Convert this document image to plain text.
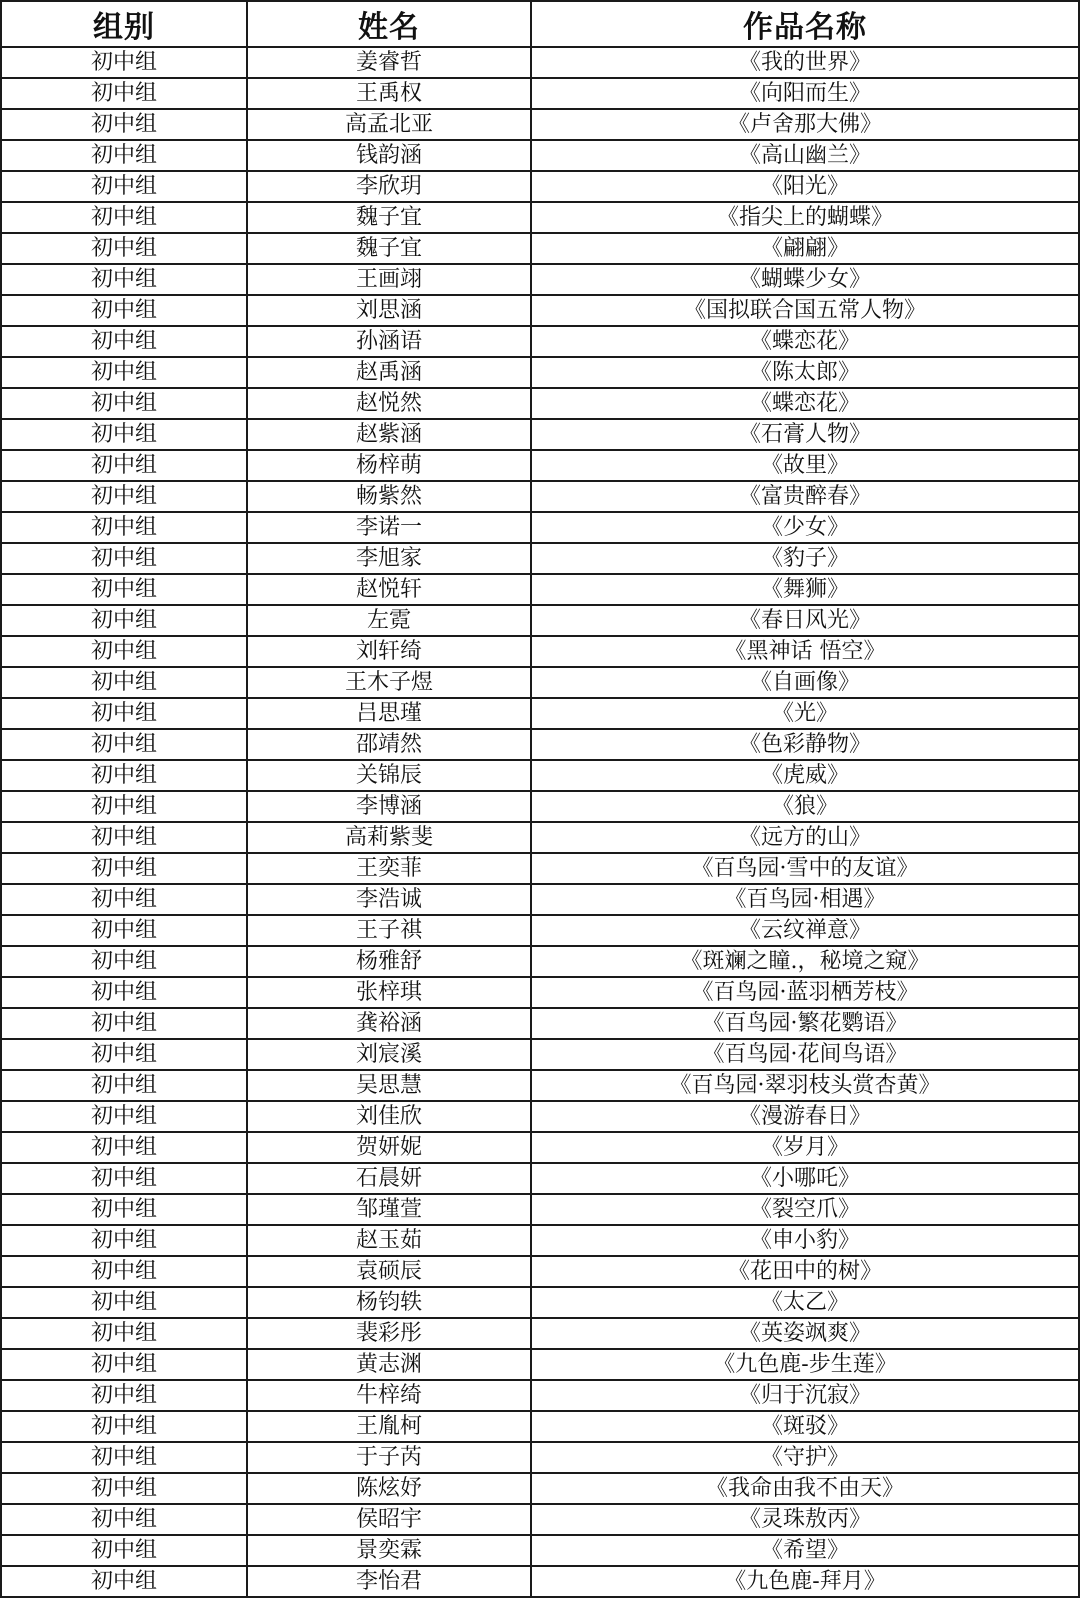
组别	姓名	作品名称
初中组	姜睿哲	《我的世界》
初中组	王禹权	《向阳而生》
初中组	高孟北亚	《卢舍那大佛》
初中组	钱韵涵	《高山幽兰》
初中组	李欣玥	《阳光》
初中组	魏子宜	《指尖上的蝴蝶》
初中组	魏子宜	《翩翩》
初中组	王画翊	《蝴蝶少女》
初中组	刘思涵	《国拟联合国五常人物》
初中组	孙涵语	《蝶恋花》
初中组	赵禹涵	《陈太郎》
初中组	赵悦然	《蝶恋花》
初中组	赵紫涵	《石膏人物》
初中组	杨梓萌	《故里》
初中组	畅紫然	《富贵醉春》
初中组	李诺一	《少女》
初中组	李旭家	《豹子》
初中组	赵悦轩	《舞狮》
初中组	左霓	《春日风光》
初中组	刘轩绮	《黑神话 悟空》
初中组	王木子煜	《自画像》
初中组	吕思瑾	《光》
初中组	邵靖然	《色彩静物》
初中组	关锦辰	《虎威》
初中组	李博涵	《狼》
初中组	高莉紫斐	《远方的山》
初中组	王奕菲	《百鸟园·雪中的友谊》
初中组	李浩诚	《百鸟园·相遇》
初中组	王子祺	《云纹禅意》
初中组	杨雅舒	《斑斓之瞳.，秘境之窥》
初中组	张梓琪	《百鸟园·蓝羽栖芳枝》
初中组	龚裕涵	《百鸟园·繁花鹦语》
初中组	刘宸溪	《百鸟园·花间鸟语》
初中组	吴思慧	《百鸟园·翠羽枝头赏杏黄》
初中组	刘佳欣	《漫游春日》
初中组	贺妍妮	《岁月》
初中组	石晨妍	《小哪吒》
初中组	邹瑾萱	《裂空爪》
初中组	赵玉茹	《申小豹》
初中组	袁硕辰	《花田中的树》
初中组	杨钧轶	《太乙》
初中组	裴彩彤	《英姿飒爽》
初中组	黄志渊	《九色鹿-步生莲》
初中组	牛梓绮	《归于沉寂》
初中组	王胤柯	《斑驳》
初中组	于子芮	《守护》
初中组	陈炫妤	《我命由我不由天》
初中组	侯昭宇	《灵珠敖丙》
初中组	景奕霖	《希望》
初中组	李怡君	《九色鹿-拜月》
